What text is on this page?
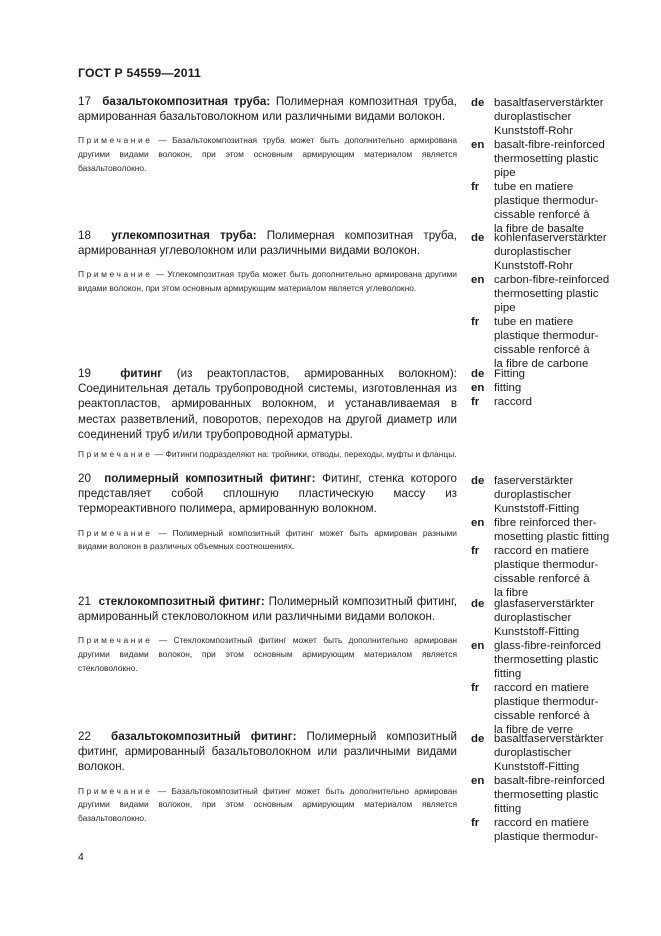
ГОСТ Р 54559—2011

17 базальтокомпозитная труба: Полимерная композитная труба, армированная базальтоволокном или различными видами волокон.

Примечание — Базальтокомпозитная труба может быть дополнительно армирована другими видами волокон, при этом основным армирующим материалом является базальтоволокно.

de basaltfaserverstärkter
duroplastischer
Kunststoff-Rohr
en basalt-fibre-reinforced
thermosetting plastic
pipe
fr	tube en matiere
plastique thermodur-
cissable renforcé à
la fibre de basalte

18 углекомпозитная труба: Полимерная композитная труба, армированная углеволокном или различными видами волокон.

Примечание — Углекомпозитная труба может быть дополнительно армирована другими видами волокон, при этом основным армирующим материалом является углеволокно.

de kohlenfaserverstärkter
duroplastischer
Kunststoff-Rohr
en carbon-fibre-reinforced
thermosetting plastic
pipe
fr	tube en matiere
plastique thermodur-
cissable renforcé à
la fibre de carbone

19	фитинг (из реактопластов, армированных волокном): Соединительная деталь трубопроводной системы, изготовленная из реактопластов, армированных волокном, и устанавливаемая в местах разветвлений, поворотов, переходов на другой диаметр или соединений труб и/или трубопроводной арматуры.

Примечание — Фитинги подразделяют на: тройники, отводы, переходы, муфты и фланцы.

de Fitting
en fitting
fr	raccord

20 полимерный композитный фитинг: Фитинг, стенка которого представляет собой сплошную пластическую массу из термореактивного полимера, армированную волокном.

Примечание — Полимерный композитный фитинг может быть армирован разными видами волокон в различных объемных соотношениях.

de faserverstärkter
duroplastischer
Kunststoff-Fitting
en fibre reinforced ther-
mosetting plastic fitting
fr	raccord en matiere
plastique thermodur-
cissable renforcé à
la fibre

21 стеклокомпозитный фитинг: Полимерный композитный фитинг, армированный стекловолокном или различными видами волокон.

Примечание — Стеклокомпозитный фитинг может быть дополнительно армирован другими видами волокон, при этом основным армирующим материалом является стекловолокно.

de glasfaserverstärkter
duroplastischer
Kunststoff-Fitting
en glass-fibre-reinforced
thermosetting plastic
fitting
fr	raccord en matiere
plastique thermodur-
cissable renforcé à
la fibre de verre

22 базальтокомпозитный фитинг: Полимерный композитный фитинг, армированный базальтоволокном или различными видами волокон.

Примечание — Базальтокомпозитный фитинг может быть дополнительно армирован другими видами волокон, при этом основным армирующим материалом является базальтоволокно.

de basaltfaserverstärkter
duroplastischer
Kunststoff-Fitting
en basalt-fibre-reinforced
thermosetting plastic
fitting
fr	raccord en matiere
plastique thermodur-
4
